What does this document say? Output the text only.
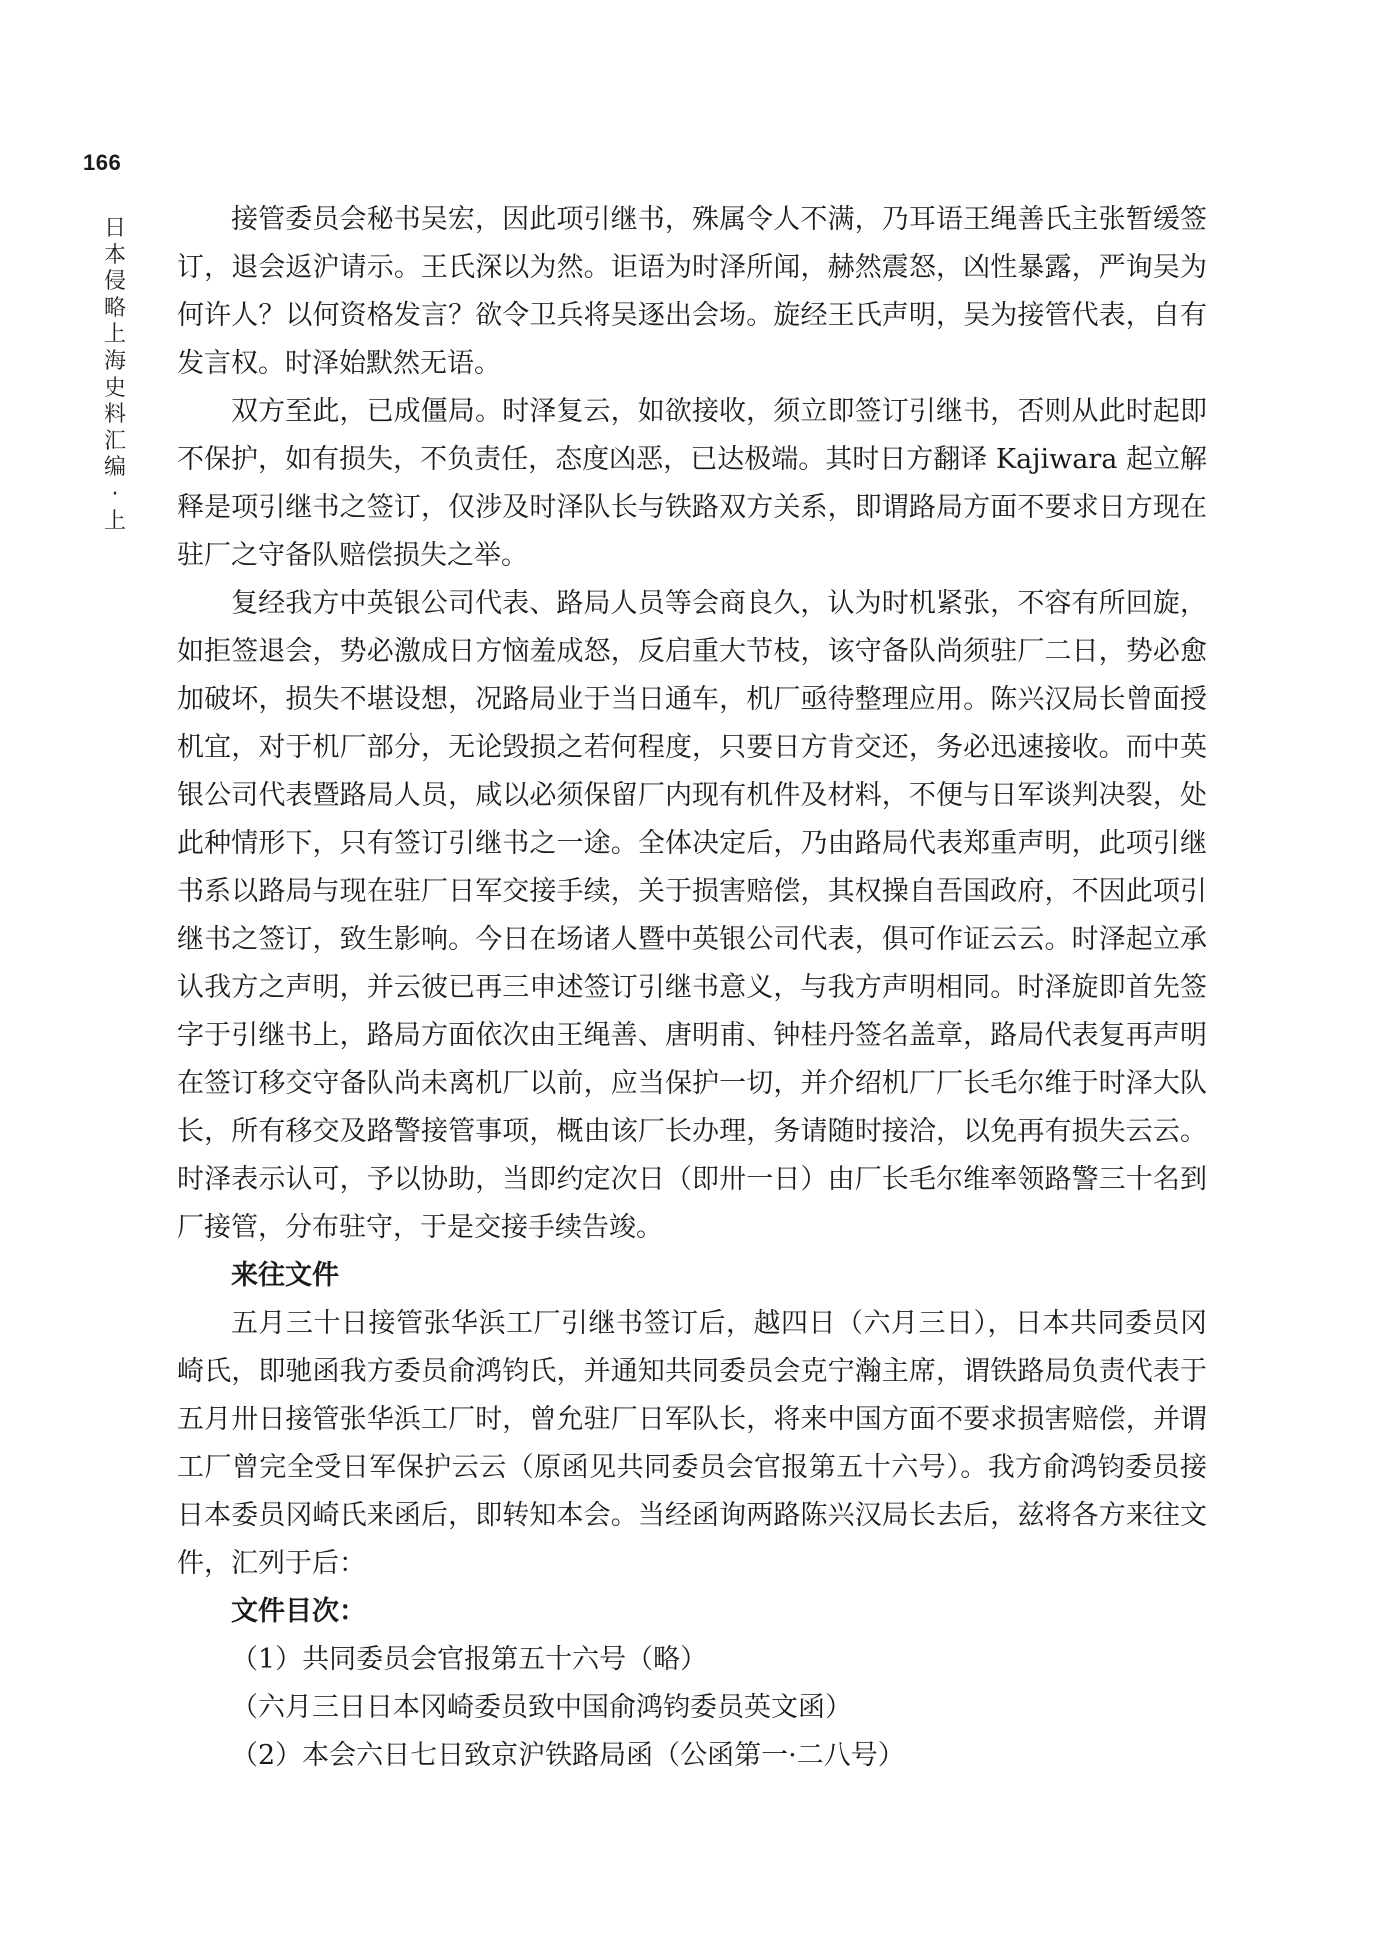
166
日本侵略上海史料汇编·上

接管委员会秘书吴宏，因此项引继书，殊属令人不满，乃耳语王绳善氏主张暂缓签订，退会返沪请示。王氏深以为然。讵语为时泽所闻，赫然震怒，凶性暴露，严询吴为何许人？以何资格发言？欲令卫兵将吴逐出会场。旋经王氏声明，吴为接管代表，自有发言权。时泽始默然无语。

双方至此，已成僵局。时泽复云，如欲接收，须立即签订引继书，否则从此时起即不保护，如有损失，不负责任，态度凶恶，已达极端。其时日方翻译 Kajiwara 起立解释是项引继书之签订，仅涉及时泽队长与铁路双方关系，即谓路局方面不要求日方现在驻厂之守备队赔偿损失之举。

复经我方中英银公司代表、路局人员等会商良久，认为时机紧张，不容有所回旋，如拒签退会，势必激成日方恼羞成怒，反启重大节枝，该守备队尚须驻厂二日，势必愈加破坏，损失不堪设想，况路局业于当日通车，机厂亟待整理应用。陈兴汉局长曾面授机宜，对于机厂部分，无论毁损之若何程度，只要日方肯交还，务必迅速接收。而中英银公司代表暨路局人员，咸以必须保留厂内现有机件及材料，不便与日军谈判决裂，处此种情形下，只有签订引继书之一途。全体决定后，乃由路局代表郑重声明，此项引继书系以路局与现在驻厂日军交接手续，关于损害赔偿，其权操自吾国政府，不因此项引继书之签订，致生影响。今日在场诸人暨中英银公司代表，俱可作证云云。时泽起立承认我方之声明，并云彼已再三申述签订引继书意义，与我方声明相同。时泽旋即首先签字于引继书上，路局方面依次由王绳善、唐明甫、钟桂丹签名盖章，路局代表复再声明在签订移交守备队尚未离机厂以前，应当保护一切，并介绍机厂厂长毛尔维于时泽大队长，所有移交及路警接管事项，概由该厂长办理，务请随时接洽，以免再有损失云云。时泽表示认可，予以协助，当即约定次日（即卅一日）由厂长毛尔维率领路警三十名到厂接管，分布驻守，于是交接手续告竣。

来往文件

五月三十日接管张华浜工厂引继书签订后，越四日（六月三日），日本共同委员冈崎氏，即驰函我方委员俞鸿钧氏，并通知共同委员会克宁瀚主席，谓铁路局负责代表于五月卅日接管张华浜工厂时，曾允驻厂日军队长，将来中国方面不要求损害赔偿，并谓工厂曾完全受日军保护云云（原函见共同委员会官报第五十六号）。我方俞鸿钧委员接日本委员冈崎氏来函后，即转知本会。当经函询两路陈兴汉局长去后，兹将各方来往文件，汇列于后：

文件目次：

（1）共同委员会官报第五十六号（略）

（六月三日日本冈崎委员致中国俞鸿钧委员英文函）

（2）本会六日七日致京沪铁路局函（公函第一·二八号）
